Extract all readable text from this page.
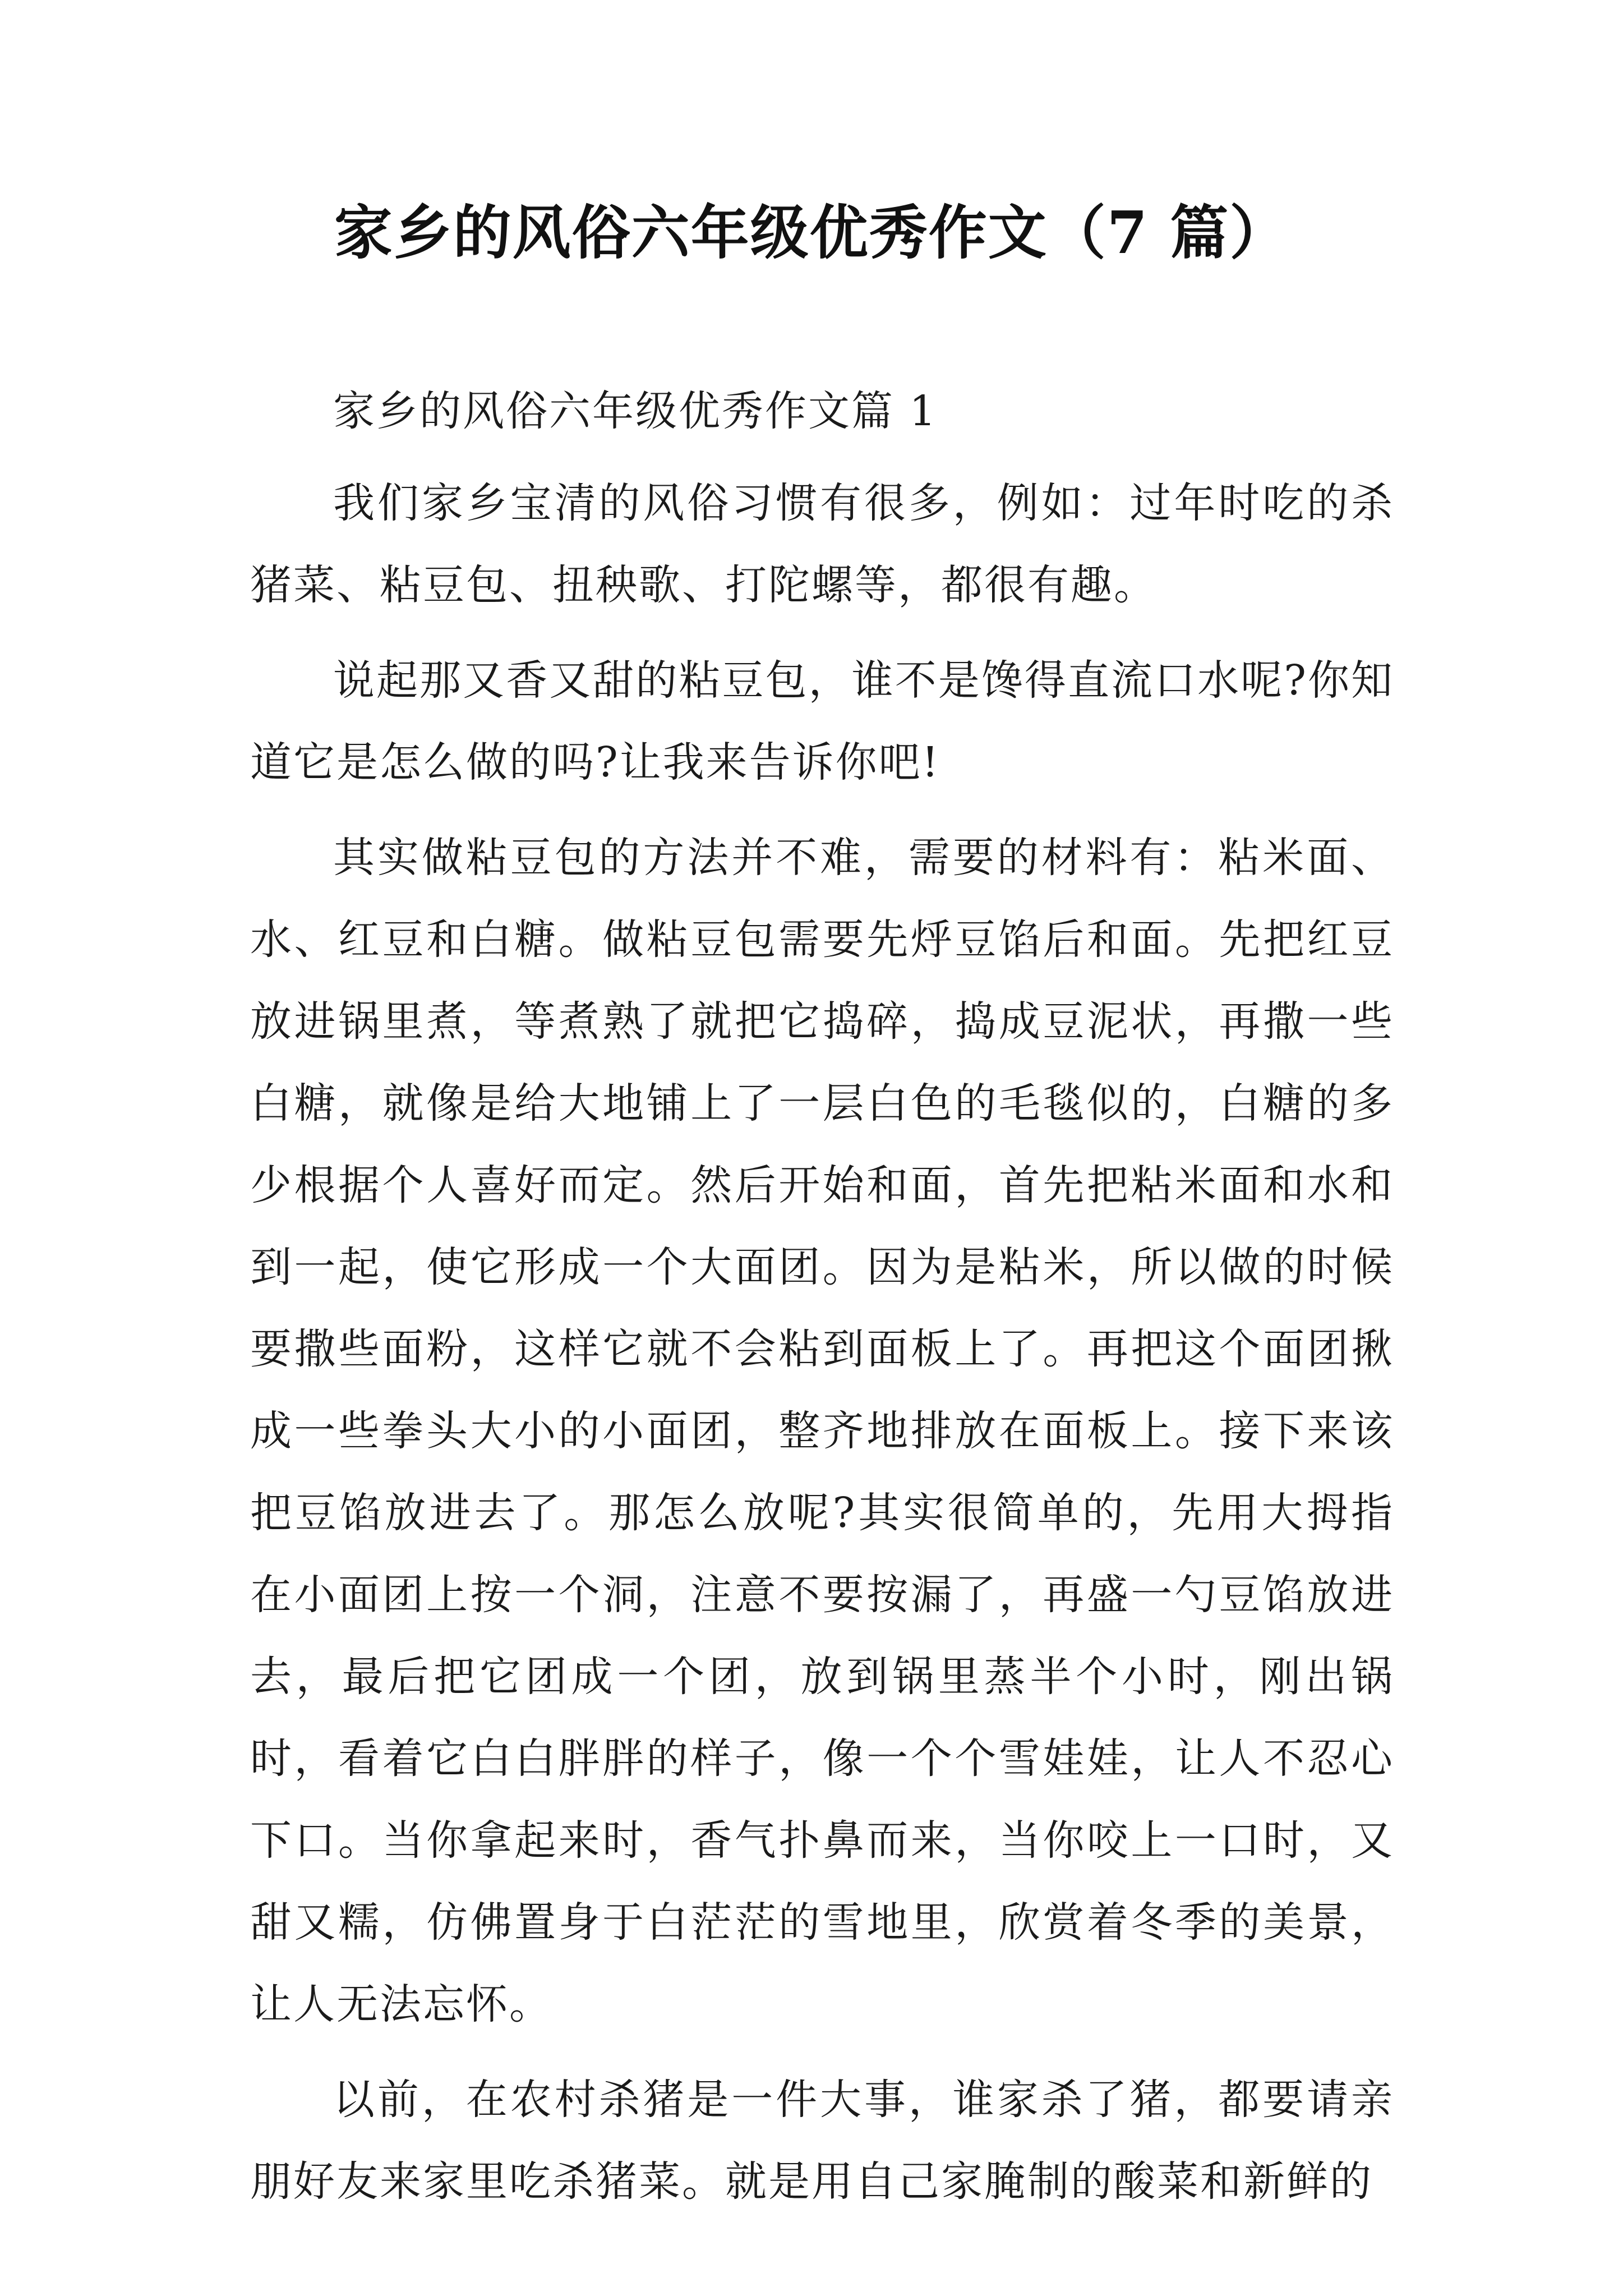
家乡的风俗六年级优秀作文（7 篇）

家乡的风俗六年级优秀作文篇 1

我们家乡宝清的风俗习惯有很多，例如：过年时吃的杀猪菜、粘豆包、扭秧歌、打陀螺等，都很有趣。

说起那又香又甜的粘豆包，谁不是馋得直流口水呢?你知道它是怎么做的吗?让我来告诉你吧!

其实做粘豆包的方法并不难，需要的材料有：粘米面、水、红豆和白糖。做粘豆包需要先烀豆馅后和面。先把红豆放进锅里煮，等煮熟了就把它捣碎，捣成豆泥状，再撒一些白糖，就像是给大地铺上了一层白色的毛毯似的，白糖的多少根据个人喜好而定。然后开始和面，首先把粘米面和水和到一起，使它形成一个大面团。因为是粘米，所以做的时候要撒些面粉，这样它就不会粘到面板上了。再把这个面团揪成一些拳头大小的小面团，整齐地排放在面板上。接下来该把豆馅放进去了。那怎么放呢?其实很简单的，先用大拇指在小面团上按一个洞，注意不要按漏了，再盛一勺豆馅放进去，最后把它团成一个团，放到锅里蒸半个小时，刚出锅时，看着它白白胖胖的样子，像一个个雪娃娃，让人不忍心下口。当你拿起来时，香气扑鼻而来，当你咬上一口时，又甜又糯，仿佛置身于白茫茫的雪地里，欣赏着冬季的美景，让人无法忘怀。

以前，在农村杀猪是一件大事，谁家杀了猪，都要请亲朋好友来家里吃杀猪菜。就是用自己家腌制的酸菜和新鲜的
